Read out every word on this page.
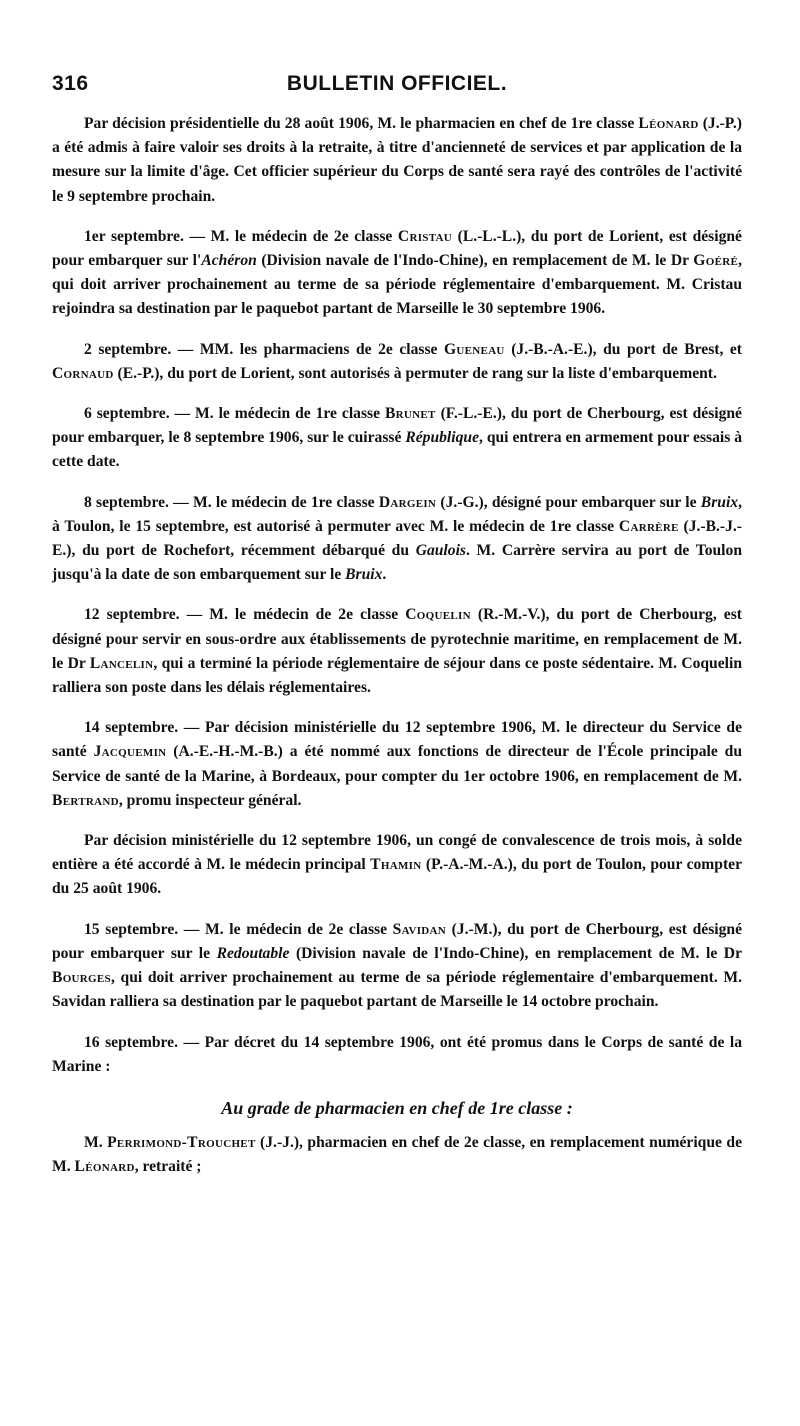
316	BULLETIN OFFICIEL.

Par décision présidentielle du 28 août 1906, M. le pharmacien en chef de 1re classe Léonard (J.-P.) a été admis à faire valoir ses droits à la retraite, à titre d'ancienneté de services et par application de la mesure sur la limite d'âge. Cet officier supérieur du Corps de santé sera rayé des contrôles de l'activité le 9 septembre prochain.

1er septembre. — M. le médecin de 2e classe Cristau (L.-L.-L.), du port de Lorient, est désigné pour embarquer sur l'Achéron (Division navale de l'Indo-Chine), en remplacement de M. le Dr Goéré, qui doit arriver prochainement au terme de sa période réglementaire d'embarquement. M. Cristau rejoindra sa destination par le paquebot partant de Marseille le 30 septembre 1906.

2 septembre. — MM. les pharmaciens de 2e classe Gueneau (J.-B.-A.-E.), du port de Brest, et Cornaud (E.-P.), du port de Lorient, sont autorisés à permuter de rang sur la liste d'embarquement.

6 septembre. — M. le médecin de 1re classe Brunet (F.-L.-E.), du port de Cherbourg, est désigné pour embarquer, le 8 septembre 1906, sur le cuirassé République, qui entrera en armement pour essais à cette date.

8 septembre. — M. le médecin de 1re classe Dargein (J.-G.), désigné pour embarquer sur le Bruix, à Toulon, le 15 septembre, est autorisé à permuter avec M. le médecin de 1re classe Carrère (J.-B.-J.-E.), du port de Rochefort, récemment débarqué du Gaulois. M. Carrère servira au port de Toulon jusqu'à la date de son embarquement sur le Bruix.

12 septembre. — M. le médecin de 2e classe Coquelin (R.-M.-V.), du port de Cherbourg, est désigné pour servir en sous-ordre aux établissements de pyrotechnie maritime, en remplacement de M. le Dr Lancelin, qui a terminé la période réglementaire de séjour dans ce poste sédentaire. M. Coquelin ralliera son poste dans les délais réglementaires.

14 septembre. — Par décision ministérielle du 12 septembre 1906, M. le directeur du Service de santé Jacquemin (A.-E.-H.-M.-B.) a été nommé aux fonctions de directeur de l'École principale du Service de santé de la Marine, à Bordeaux, pour compter du 1er octobre 1906, en remplacement de M. Bertrand, promu inspecteur général.

Par décision ministérielle du 12 septembre 1906, un congé de convalescence de trois mois, à solde entière a été accordé à M. le médecin principal Thamin (P.-A.-M.-A.), du port de Toulon, pour compter du 25 août 1906.

15 septembre. — M. le médecin de 2e classe Savidan (J.-M.), du port de Cherbourg, est désigné pour embarquer sur le Redoutable (Division navale de l'Indo-Chine), en remplacement de M. le Dr Bourges, qui doit arriver prochainement au terme de sa période réglementaire d'embarquement. M. Savidan ralliera sa destination par le paquebot partant de Marseille le 14 octobre prochain.

16 septembre. — Par décret du 14 septembre 1906, ont été promus dans le Corps de santé de la Marine :

Au grade de pharmacien en chef de 1re classe :

M. Perrimond-Trouchet (J.-J.), pharmacien en chef de 2e classe, en remplacement numérique de M. Léonard, retraité ;
